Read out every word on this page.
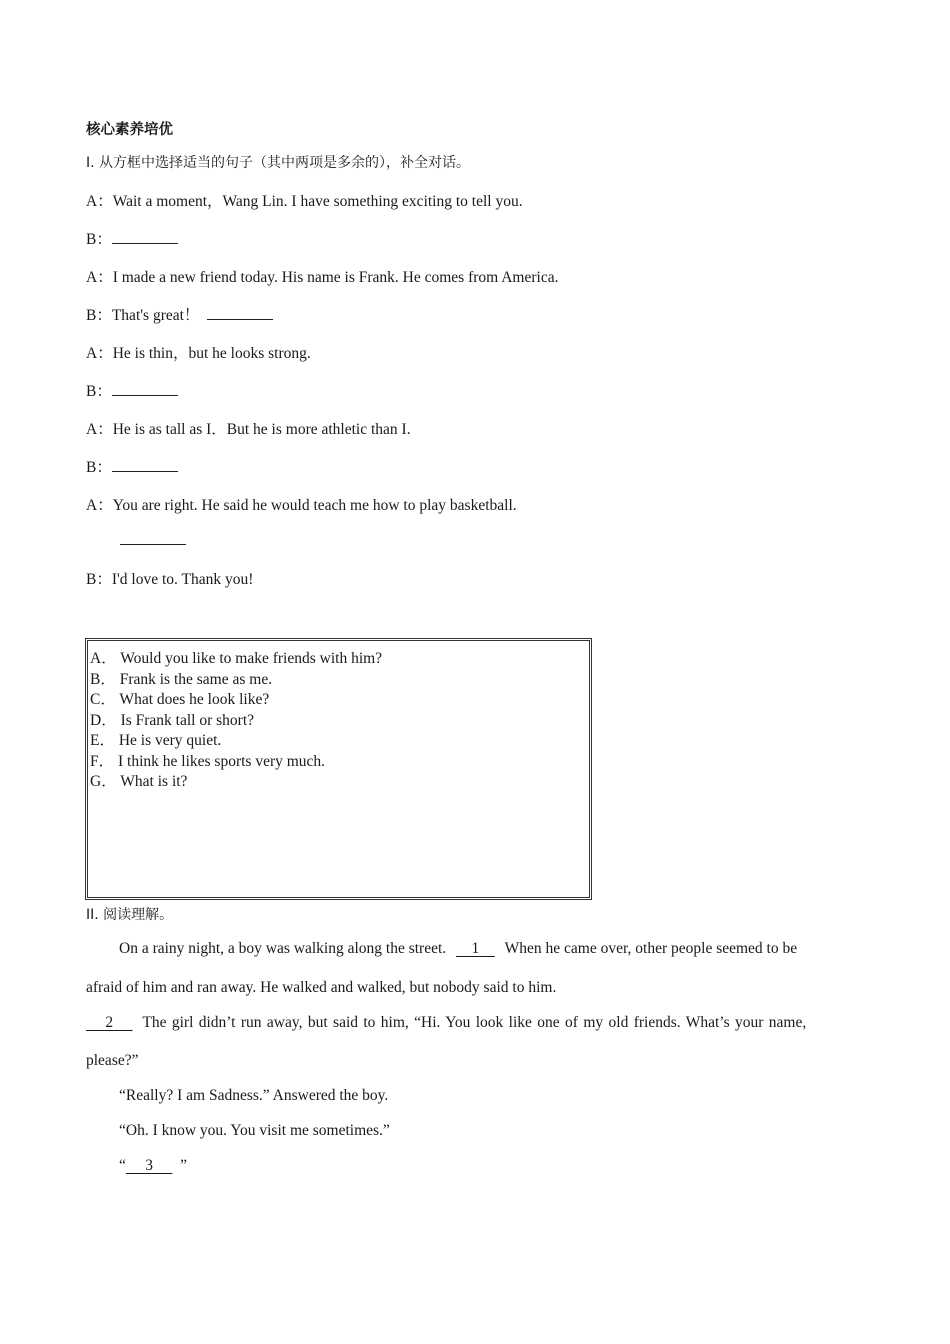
核心素养培优
I. 从方框中选择适当的句子（其中两项是多余的），补全对话。
A：Wait a moment，Wang Lin. I have something exciting to tell you.
B：
A：I made a new friend today. His name is Frank. He comes from America.
B：That's great！
A：He is thin，but he looks strong.
B：
A：He is as tall as I．But he is more athletic than I.
B：
A：You are right. He said he would teach me how to play basketball.
B：I'd love to. Thank you!
A． Would you like to make friends with him?
B． Frank is the same as me.
C． What does he look like?
D． Is Frank tall or short?
E． He is very quiet.
F． I think he likes sports very much.
G． What is it?
II. 阅读理解。
On a rainy night, a boy was walking along the street. 1 When he came over, other people seemed to be
afraid of him and ran away. He walked and walked, but nobody said to him.
2 The girl didn’t run away, but said to him, “Hi. You look like one of my old friends. What’s your name,
please?”
“Really? I am Sadness.” Answered the boy.
“Oh. I know you. You visit me sometimes.”
“ 3 ”
